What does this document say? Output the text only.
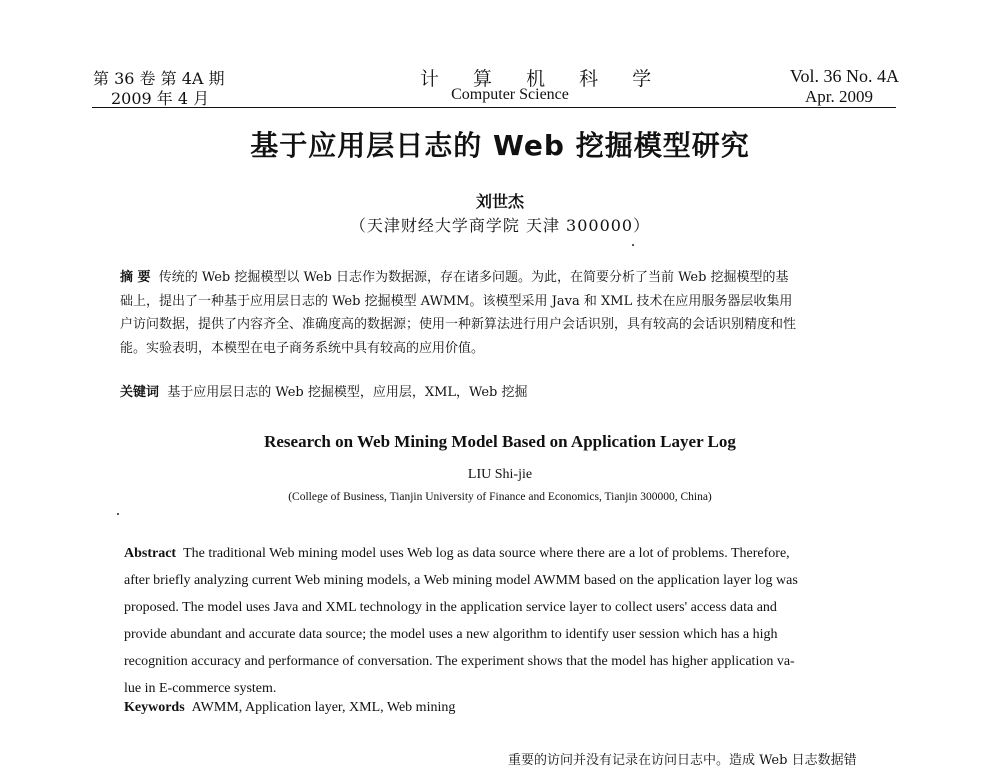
第 36 卷 第 4A 期
2009 年 4 月
计 算 机 科 学
Computer Science
Vol. 36 No. 4A
Apr. 2009
基于应用层日志的 Web 挖掘模型研究
刘世杰
（天津财经大学商学院 天津 300000）
摘 要 传统的 Web 挖掘模型以 Web 日志作为数据源，存在诸多问题。为此，在简要分析了当前 Web 挖掘模型的基
础上，提出了一种基于应用层日志的 Web 挖掘模型 AWMM。该模型采用 Java 和 XML 技术在应用服务器层收集用
户访问数据，提供了内容齐全、准确度高的数据源；使用一种新算法进行用户会话识别，具有较高的会话识别精度和性
能。实验表明，本模型在电子商务系统中具有较高的应用价值。
关键词 基于应用层日志的 Web 挖掘模型，应用层，XML，Web 挖掘
Research on Web Mining Model Based on Application Layer Log
LIU Shi-jie
(College of Business, Tianjin University of Finance and Economics, Tianjin 300000, China)
Abstract The traditional Web mining model uses Web log as data source where there are a lot of problems. Therefore,
after briefly analyzing current Web mining models, a Web mining model AWMM based on the application layer log was
proposed. The model uses Java and XML technology in the application service layer to collect users' access data and
provide abundant and accurate data source; the model uses a new algorithm to identify user session which has a high
recognition accuracy and performance of conversation. The experiment shows that the model has higher application va-
lue in E-commerce system.
Keywords AWMM, Application layer, XML, Web mining
重要的访问并没有记录在访问日志中。造成 Web 日志数据错
